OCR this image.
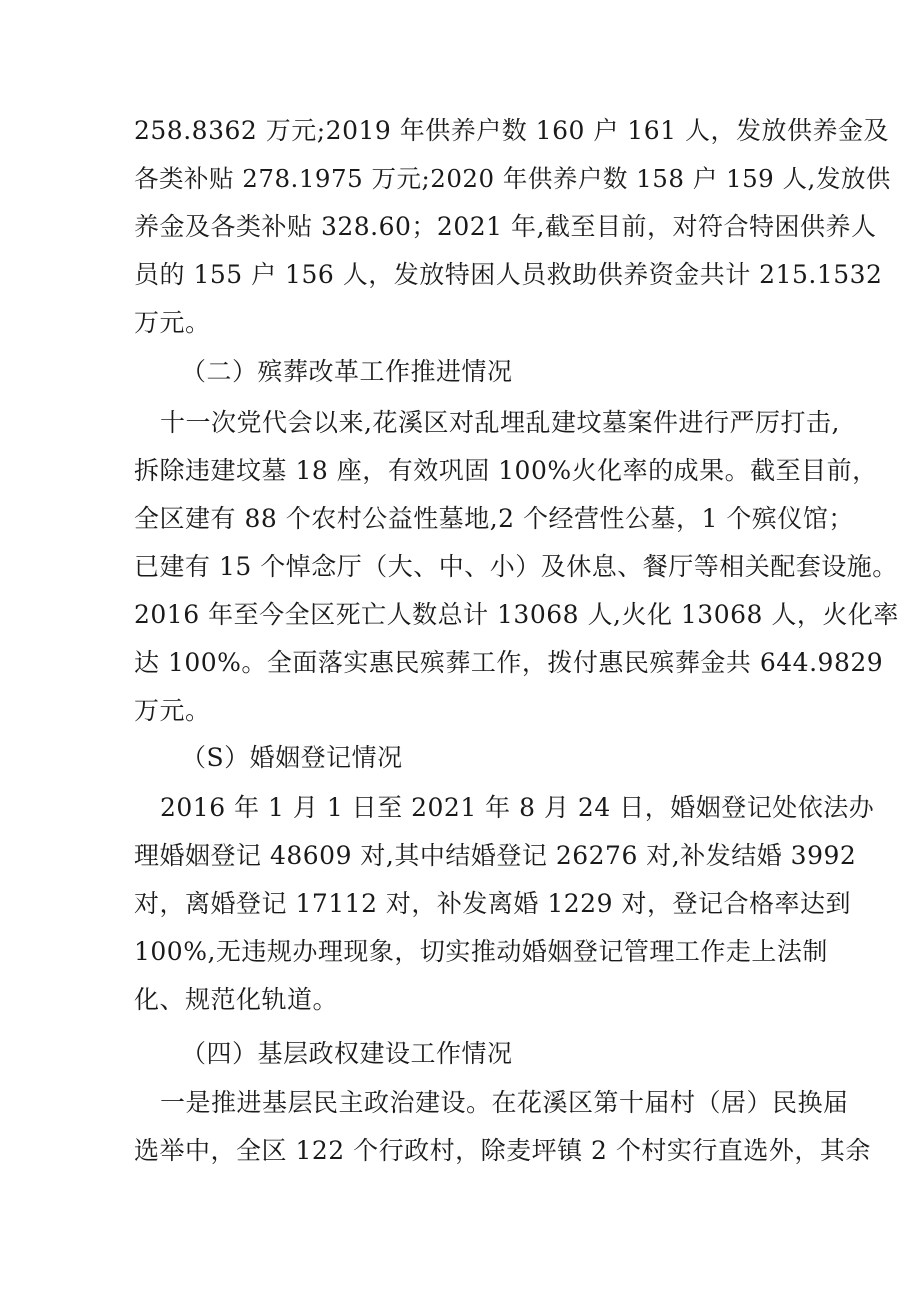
258.8362 万元;2019 年供养户数 160 户 161 人，发放供养金及
各类补贴 278.1975 万元;2020 年供养户数 158 户 159 人,发放供
养金及各类补贴 328.60；2021 年,截至目前，对符合特困供养人
员的 155 户 156 人，发放特困人员救助供养资金共计 215.1532
万元。
（二）殡葬改革工作推进情况
十一次党代会以来,花溪区对乱埋乱建坟墓案件进行严厉打击,
拆除违建坟墓 18 座，有效巩固 100%火化率的成果。截至目前，
全区建有 88 个农村公益性墓地,2 个经营性公墓，1 个殡仪馆；
已建有 15 个悼念厅（大、中、小）及休息、餐厅等相关配套设施。
2016 年至今全区死亡人数总计 13068 人,火化 13068 人，火化率
达 100%。全面落实惠民殡葬工作，拨付惠民殡葬金共 644.9829
万元。
（S）婚姻登记情况
2016 年 1 月 1 日至 2021 年 8 月 24 日，婚姻登记处依法办
理婚姻登记 48609 对,其中结婚登记 26276 对,补发结婚 3992
对，离婚登记 17112 对，补发离婚 1229 对，登记合格率达到
100%,无违规办理现象，切实推动婚姻登记管理工作走上法制
化、规范化轨道。
（四）基层政权建设工作情况
一是推进基层民主政治建设。在花溪区第十届村（居）民换届
选举中，全区 122 个行政村，除麦坪镇 2 个村实行直选外，其余
